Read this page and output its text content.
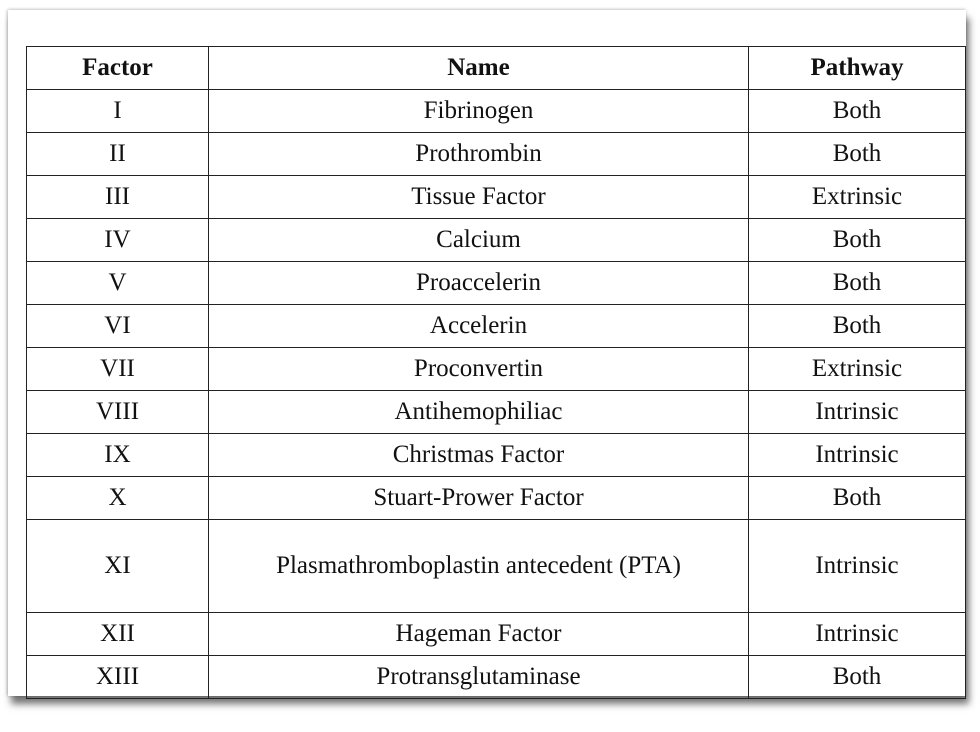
Factor	Name	Pathway
I	Fibrinogen	Both
II	Prothrombin	Both
III	Tissue Factor	Extrinsic
IV	Calcium	Both
V	Proaccelerin	Both
VI	Accelerin	Both
VII	Proconvertin	Extrinsic
VIII	Antihemophiliac	Intrinsic
IX	Christmas Factor	Intrinsic
X	Stuart-Prower Factor	Both
XI	Plasmathromboplastin antecedent (PTA)	Intrinsic
XII	Hageman Factor	Intrinsic
XIII	Protransglutaminase	Both
